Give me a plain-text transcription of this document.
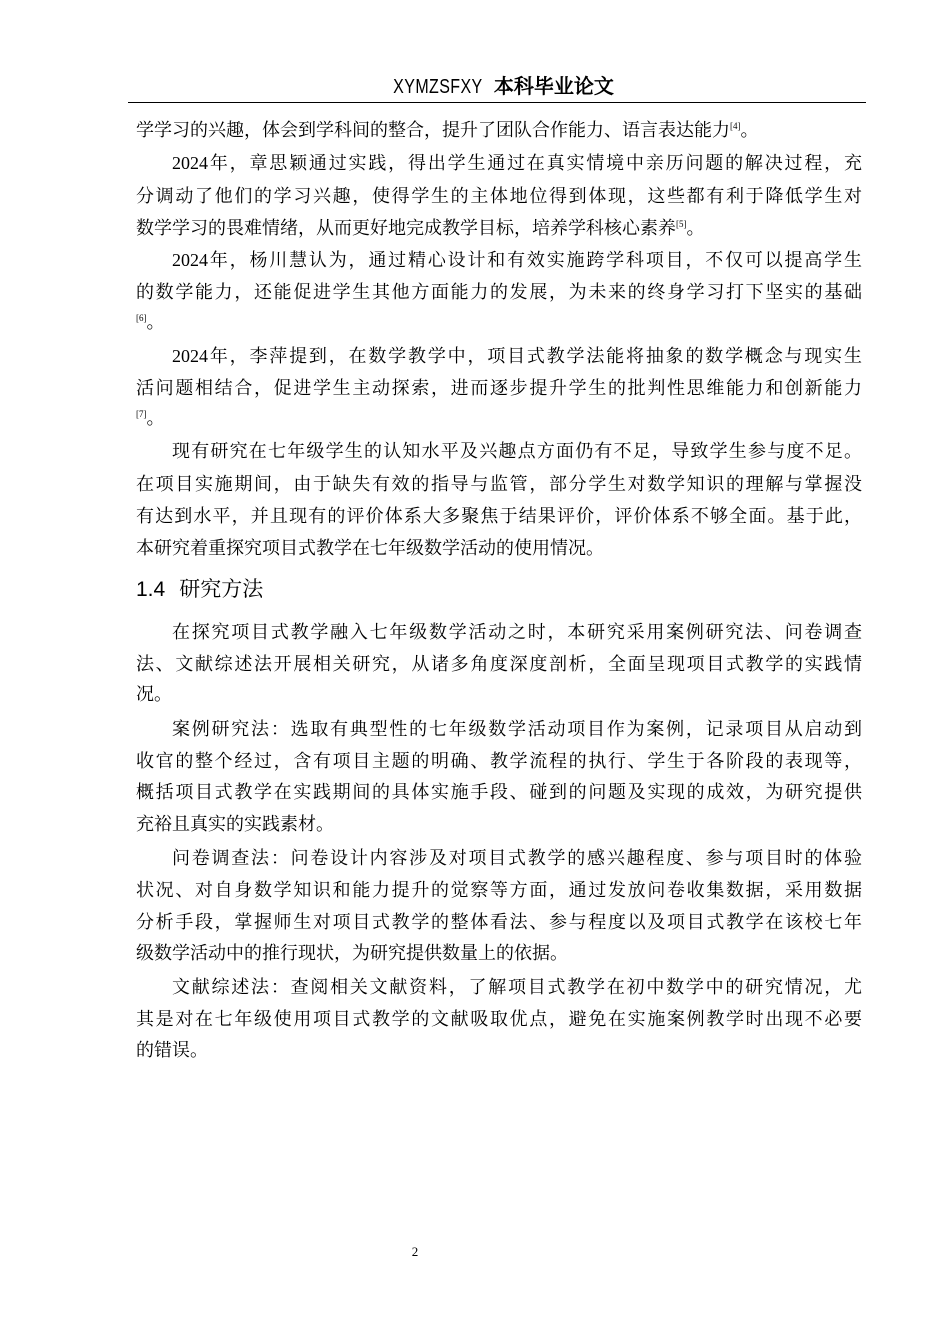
XYMZSFXY 本科毕业论文
学学习的兴趣，体会到学科间的整合，提升了团队合作能力、语言表达能力[4]。
2024年，章思颖通过实践，得出学生通过在真实情境中亲历问题的解决过程，充
分调动了他们的学习兴趣，使得学生的主体地位得到体现，这些都有利于降低学生对
数学学习的畏难情绪，从而更好地完成教学目标，培养学科核心素养[5]。
2024年，杨川慧认为，通过精心设计和有效实施跨学科项目，不仅可以提高学生
的数学能力，还能促进学生其他方面能力的发展，为未来的终身学习打下坚实的基础
[6]。
2024年，李萍提到，在数学教学中，项目式教学法能将抽象的数学概念与现实生
活问题相结合，促进学生主动探索，进而逐步提升学生的批判性思维能力和创新能力
[7]。
现有研究在七年级学生的认知水平及兴趣点方面仍有不足，导致学生参与度不足。
在项目实施期间，由于缺失有效的指导与监管，部分学生对数学知识的理解与掌握没
有达到水平，并且现有的评价体系大多聚焦于结果评价，评价体系不够全面。基于此，
本研究着重探究项目式教学在七年级数学活动的使用情况。
在探究项目式教学融入七年级数学活动之时，本研究采用案例研究法、问卷调查
法、文献综述法开展相关研究，从诸多角度深度剖析，全面呈现项目式教学的实践情
况。
案例研究法：选取有典型性的七年级数学活动项目作为案例，记录项目从启动到
收官的整个经过，含有项目主题的明确、教学流程的执行、学生于各阶段的表现等，
概括项目式教学在实践期间的具体实施手段、碰到的问题及实现的成效，为研究提供
充裕且真实的实践素材。
问卷调查法：问卷设计内容涉及对项目式教学的感兴趣程度、参与项目时的体验
状况、对自身数学知识和能力提升的觉察等方面，通过发放问卷收集数据，采用数据
分析手段，掌握师生对项目式教学的整体看法、参与程度以及项目式教学在该校七年
级数学活动中的推行现状，为研究提供数量上的依据。
文献综述法：查阅相关文献资料，了解项目式教学在初中数学中的研究情况，尤
其是对在七年级使用项目式教学的文献吸取优点，避免在实施案例教学时出现不必要
的错误。
1.4 研究方法
2
